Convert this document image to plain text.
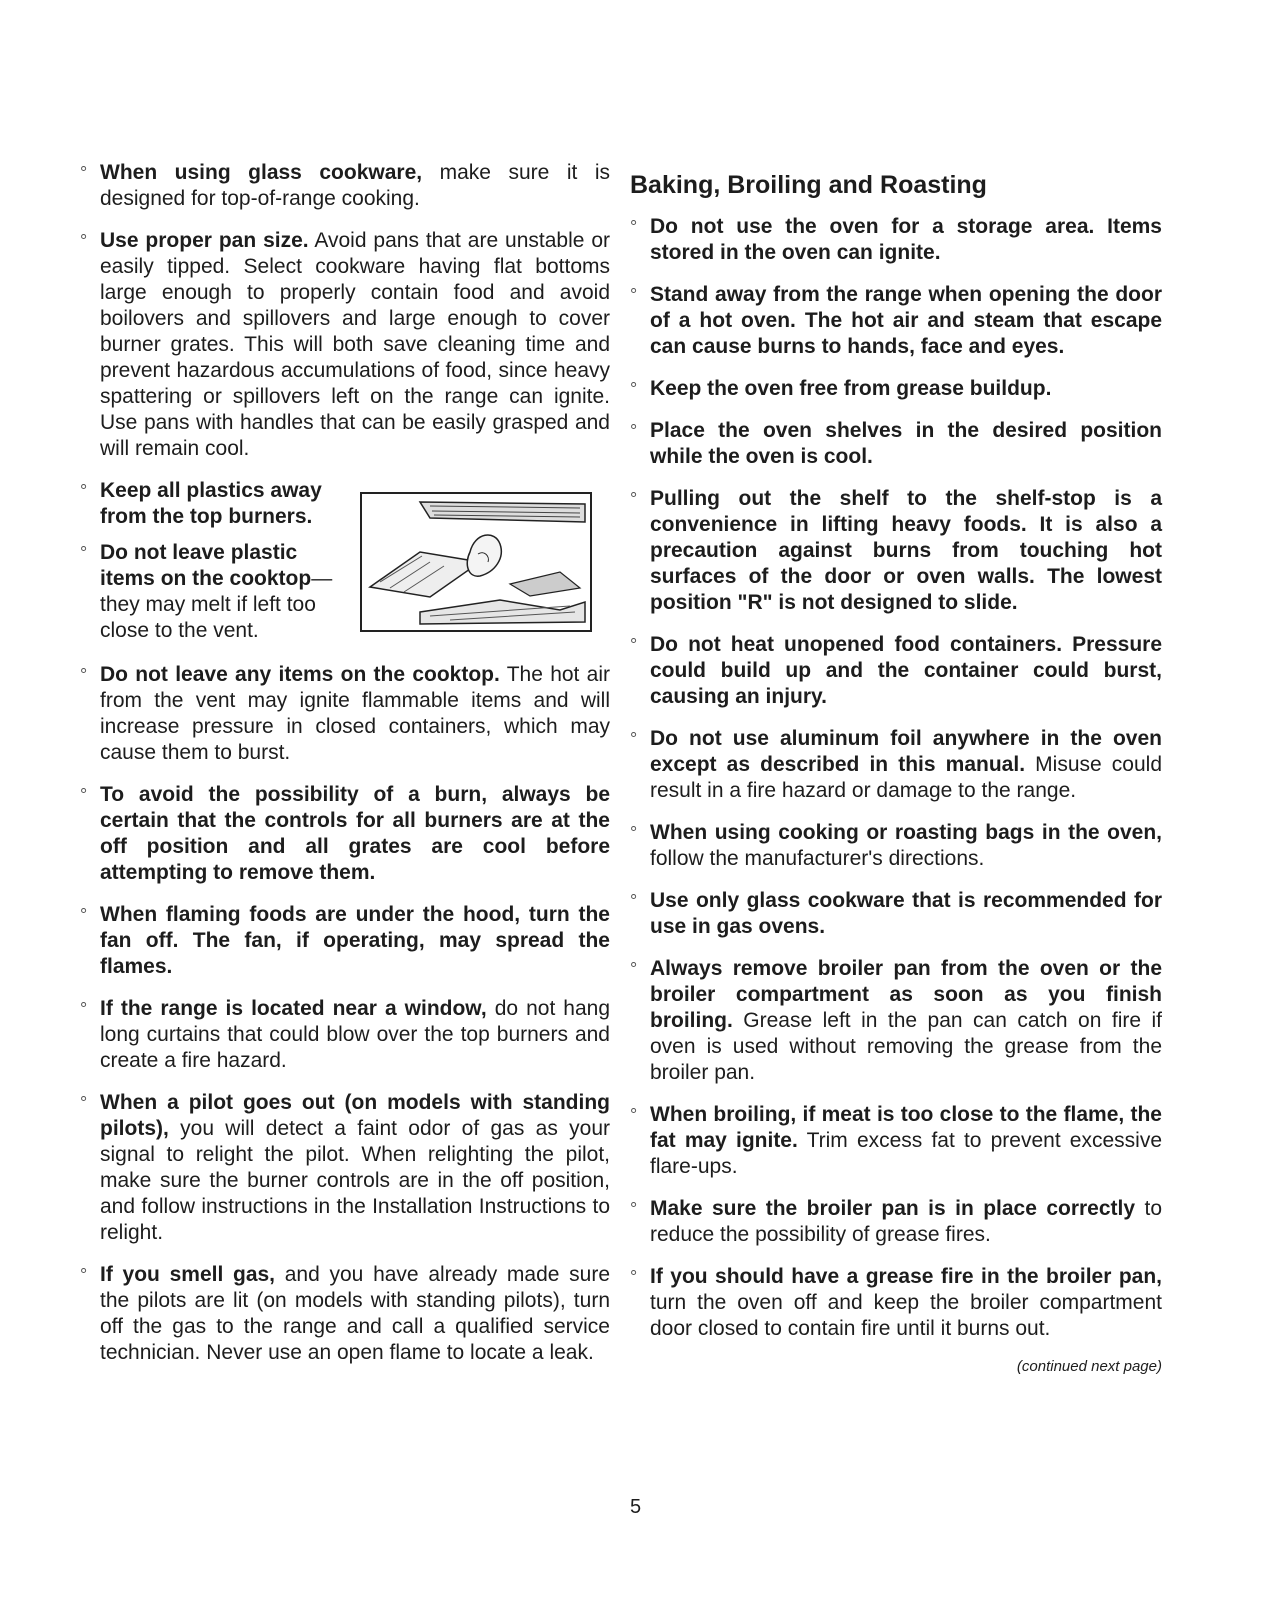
° When using glass cookware, make sure it is designed for top-of-range cooking.
° Use proper pan size. Avoid pans that are unstable or easily tipped. Select cookware having flat bottoms large enough to properly contain food and avoid boilovers and spillovers and large enough to cover burner grates. This will both save cleaning time and prevent hazardous accumulations of food, since heavy spattering or spillovers left on the range can ignite. Use pans with handles that can be easily grasped and will remain cool.
° Keep all plastics away from the top burners.
° Do not leave plastic items on the cooktop—they may melt if left too close to the vent.
° Do not leave any items on the cooktop. The hot air from the vent may ignite flammable items and will increase pressure in closed containers, which may cause them to burst.
° To avoid the possibility of a burn, always be certain that the controls for all burners are at the off position and all grates are cool before attempting to remove them.
° When flaming foods are under the hood, turn the fan off. The fan, if operating, may spread the flames.
° If the range is located near a window, do not hang long curtains that could blow over the top burners and create a fire hazard.
° When a pilot goes out (on models with standing pilots), you will detect a faint odor of gas as your signal to relight the pilot. When relighting the pilot, make sure the burner controls are in the off position, and follow instructions in the Installation Instructions to relight.
° If you smell gas, and you have already made sure the pilots are lit (on models with standing pilots), turn off the gas to the range and call a qualified service technician. Never use an open flame to locate a leak.
Baking, Broiling and Roasting
° Do not use the oven for a storage area. Items stored in the oven can ignite.
° Stand away from the range when opening the door of a hot oven. The hot air and steam that escape can cause burns to hands, face and eyes.
° Keep the oven free from grease buildup.
° Place the oven shelves in the desired position while the oven is cool.
° Pulling out the shelf to the shelf-stop is a convenience in lifting heavy foods. It is also a precaution against burns from touching hot surfaces of the door or oven walls. The lowest position "R" is not designed to slide.
° Do not heat unopened food containers. Pressure could build up and the container could burst, causing an injury.
° Do not use aluminum foil anywhere in the oven except as described in this manual. Misuse could result in a fire hazard or damage to the range.
° When using cooking or roasting bags in the oven, follow the manufacturer's directions.
° Use only glass cookware that is recommended for use in gas ovens.
° Always remove broiler pan from the oven or the broiler compartment as soon as you finish broiling. Grease left in the pan can catch on fire if oven is used without removing the grease from the broiler pan.
° When broiling, if meat is too close to the flame, the fat may ignite. Trim excess fat to prevent excessive flare-ups.
° Make sure the broiler pan is in place correctly to reduce the possibility of grease fires.
° If you should have a grease fire in the broiler pan, turn the oven off and keep the broiler compartment door closed to contain fire until it burns out.
(continued next page)
5
